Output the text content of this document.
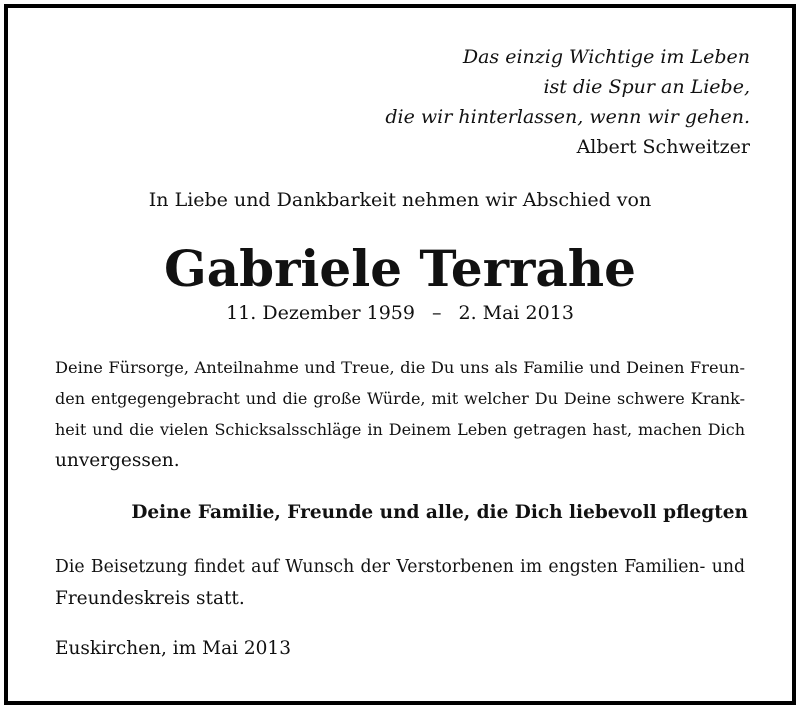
Das einzig Wichtige im Leben
ist die Spur an Liebe,
die wir hinterlassen, wenn wir gehen.
Albert Schweitzer
In Liebe und Dankbarkeit nehmen wir Abschied von
Gabriele Terrahe
11. Dezember 1959 – 2. Mai 2013
Deine Fürsorge, Anteilnahme und Treue, die Du uns als Familie und Deinen Freun-
den entgegengebracht und die große Würde, mit welcher Du Deine schwere Krank-
heit und die vielen Schicksalsschläge in Deinem Leben getragen hast, machen Dich
unvergessen.
Deine Familie, Freunde und alle, die Dich liebevoll pflegten
Die Beisetzung findet auf Wunsch der Verstorbenen im engsten Familien- und
Freundeskreis statt.
Euskirchen, im Mai 2013
